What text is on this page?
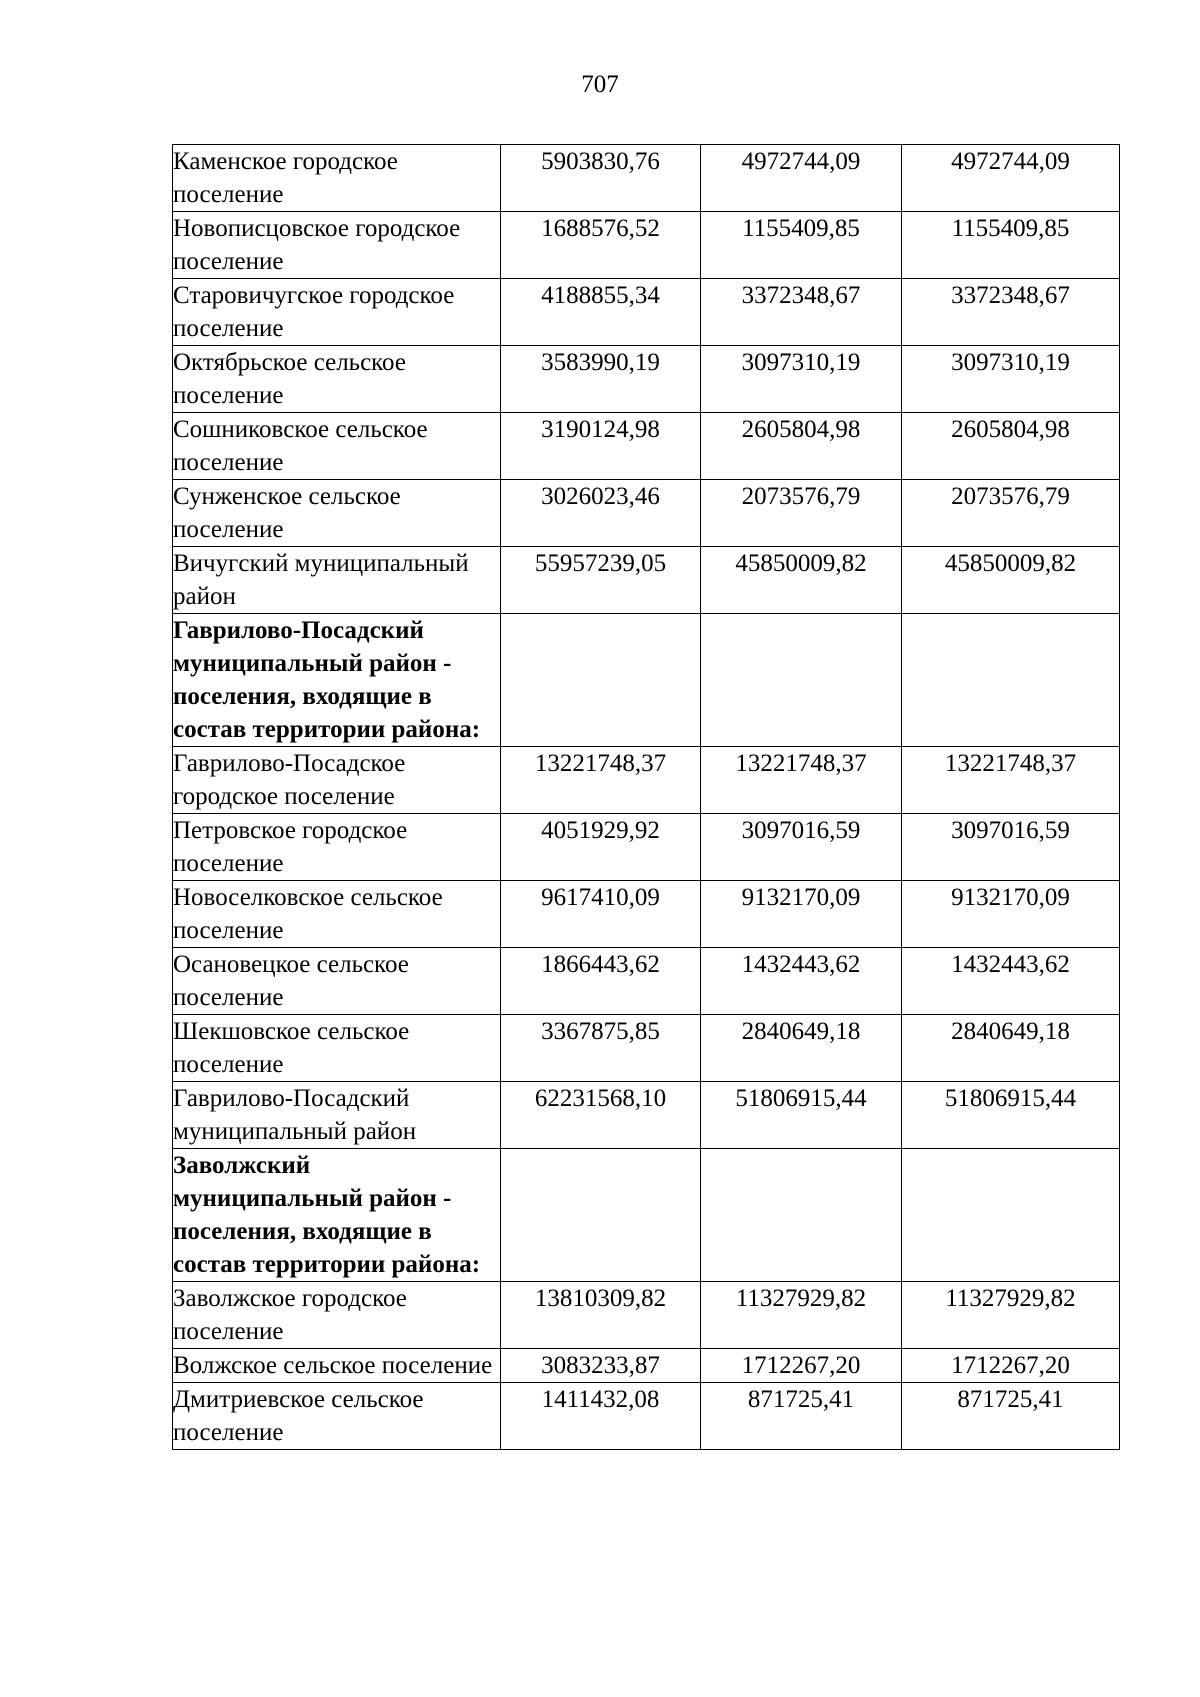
707
Каменское городское поселение	5903830,76	4972744,09	4972744,09
Новописцовское городское поселение	1688576,52	1155409,85	1155409,85
Старовичугское городское поселение	4188855,34	3372348,67	3372348,67
Октябрьское сельское поселение	3583990,19	3097310,19	3097310,19
Сошниковское сельское поселение	3190124,98	2605804,98	2605804,98
Сунженское сельское поселение	3026023,46	2073576,79	2073576,79
Вичугский муниципальный район	55957239,05	45850009,82	45850009,82
Гаврилово-Посадский муниципальный район - поселения, входящие в состав территории района:			
Гаврилово-Посадское городское поселение	13221748,37	13221748,37	13221748,37
Петровское городское поселение	4051929,92	3097016,59	3097016,59
Новоселковское сельское поселение	9617410,09	9132170,09	9132170,09
Осановецкое сельское поселение	1866443,62	1432443,62	1432443,62
Шекшовское сельское поселение	3367875,85	2840649,18	2840649,18
Гаврилово-Посадский муниципальный район	62231568,10	51806915,44	51806915,44
Заволжский муниципальный район - поселения, входящие в состав территории района:			
Заволжское городское поселение	13810309,82	11327929,82	11327929,82
Волжское сельское поселение	3083233,87	1712267,20	1712267,20
Дмитриевское сельское поселение	1411432,08	871725,41	871725,41
